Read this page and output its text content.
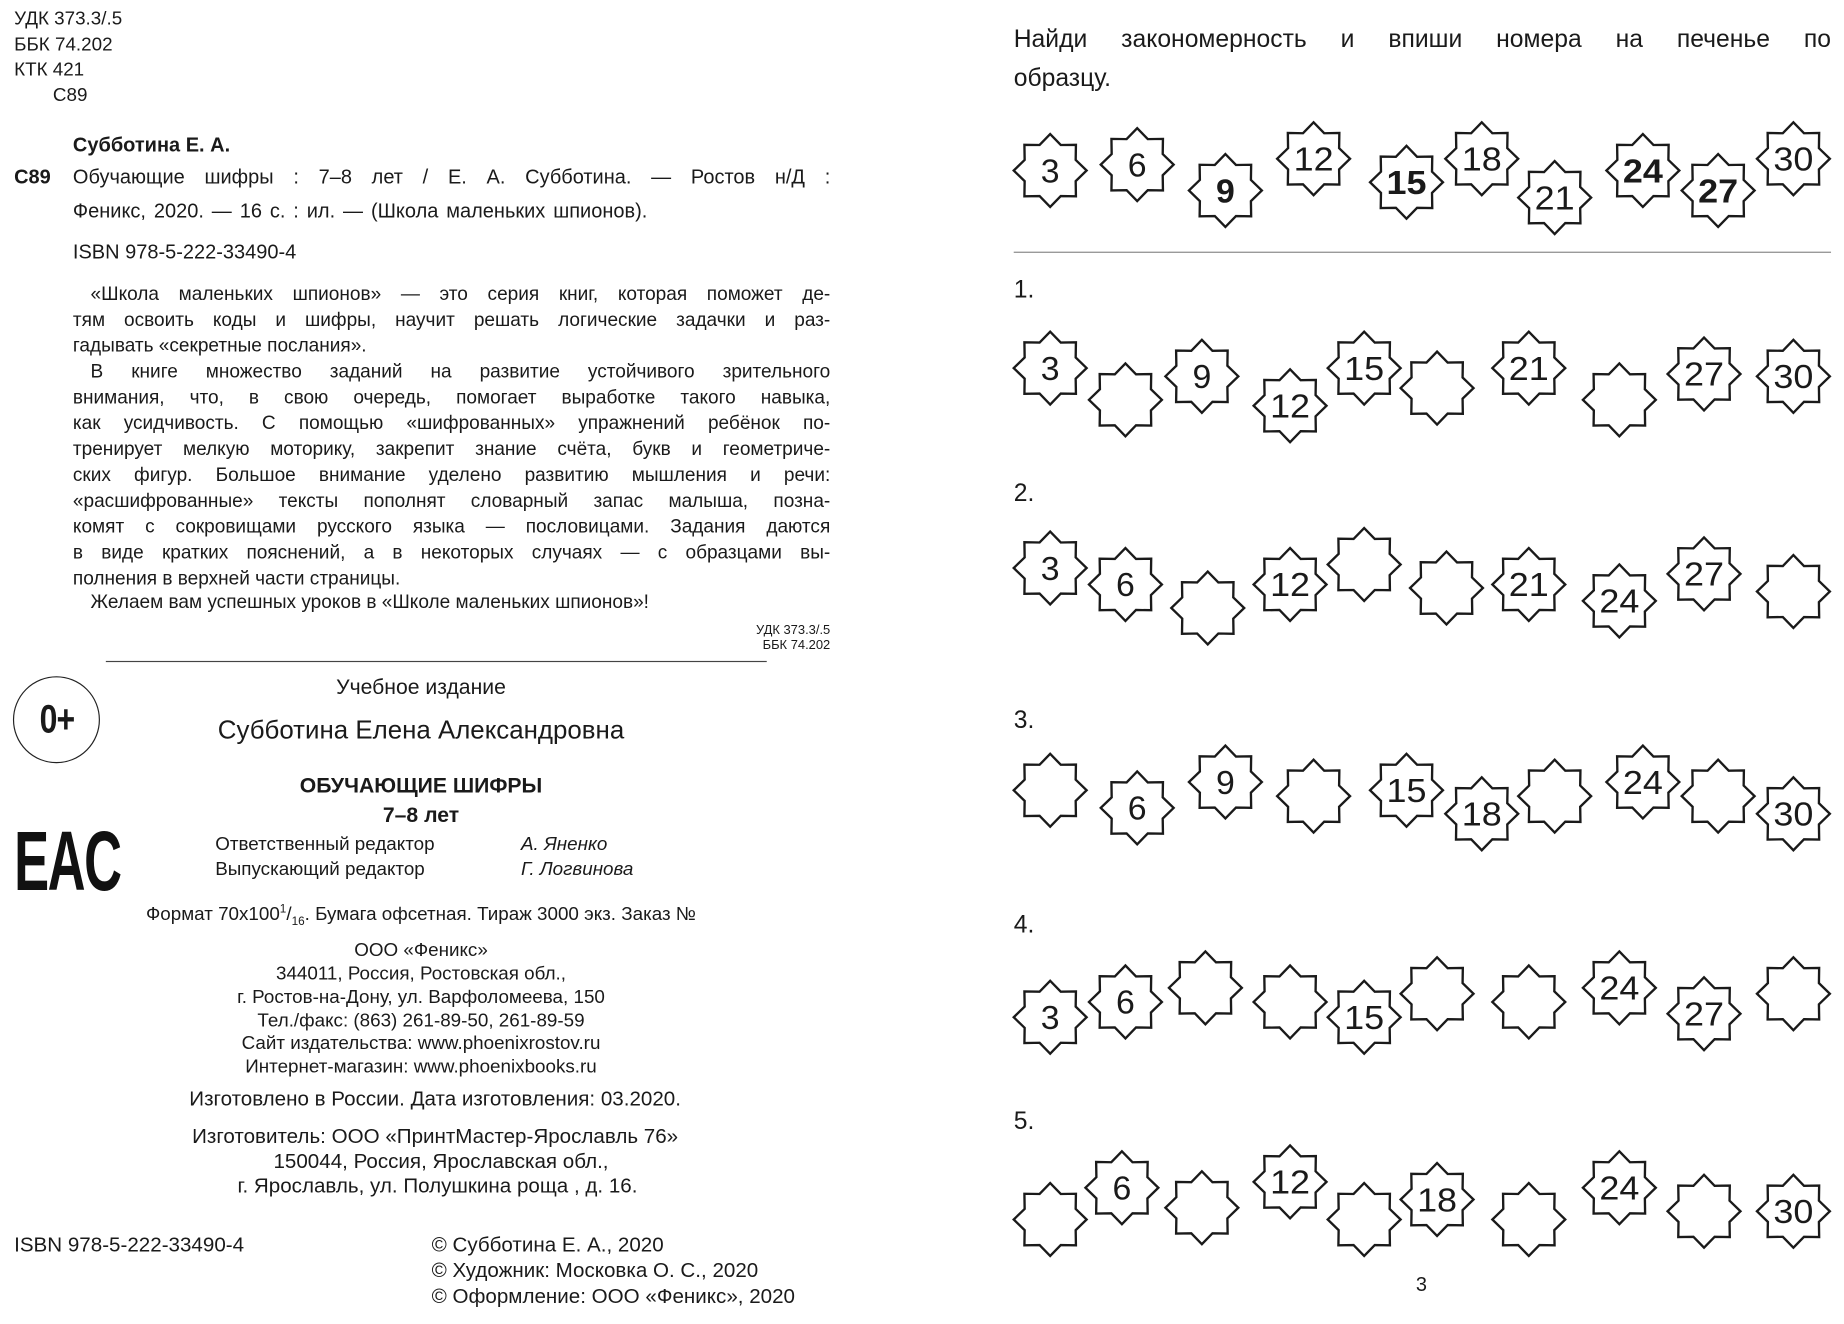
УДК 373.3/.5
ББК 74.202
КТК 421
С89
Субботина Е. А.
С89 Обучающие шифры : 7–8 лет / Е. А. Субботина. — Ростов н/Д :
Феникс, 2020. — 16 с. : ил. — (Школа маленьких шпионов).
ISBN 978-5-222-33490-4
«Школа маленьких шпионов» — это серия книг, которая поможет де-
тям освоить коды и шифры, научит решать логические задачки и раз-
гадывать «секретные послания».
В книге множество заданий на развитие устойчивого зрительного
внимания, что, в свою очередь, помогает выработке такого навыка,
как усидчивость. С помощью «шифрованных» упражнений ребёнок по-
тренирует мелкую моторику, закрепит знание счёта, букв и геометриче-
ских фигур. Большое внимание уделено развитию мышления и речи:
«расшифрованные» тексты пополнят словарный запас малыша, позна-
комят с сокровищами русского языка — пословицами. Задания даются
в виде кратких пояснений, а в некоторых случаях — с образцами вы-
полнения в верхней части страницы.
Желаем вам успешных уроков в «Школе маленьких шпионов»!
УДК 373.3/.5
ББК 74.202
0+
Учебное издание
Субботина Елена Александровна
ОБУЧАЮЩИЕ ШИФРЫ
7–8 лет
EAC	Ответственный редактор	А. Яненко
Выпускающий редактор	Г. Логвинова
Формат $70x100^1/_{16}$. Бумага офсетная. Тираж 3000 экз. Заказ №
ООО «Феникс»
344011, Россия, Ростовская обл.,
г. Ростов-на-Дону, ул. Варфоломеева, 150
Тел./факс: (863) 261-89-50, 261-89-59
Сайт издательства: www.phoenixrostov.ru
Интернет-магазин: www.phoenixbooks.ru
Изготовлено в России. Дата изготовления: 03.2020.
Изготовитель: ООО «ПринтМастер-Ярославль 76»
150044, Россия, Ярославская обл.,
г. Ярославль, ул. Полушкина роща , д. 16.
ISBN 978-5-222-33490-4	© Субботина Е. А., 2020
© Художник: Московка О. С., 2020
© Оформление: ООО «Феникс», 2020
Найди закономерность и впиши номера на печенье по
образцу.
1.
2.
3.
4.
5.
3 6
9
12
15
18
21
24
27
30
3	9
12
15	21	27 30
3 6	12	21 24
27
6
9	15
18
24
30
3 6	15
24
27
6	12	18	24
30
3
